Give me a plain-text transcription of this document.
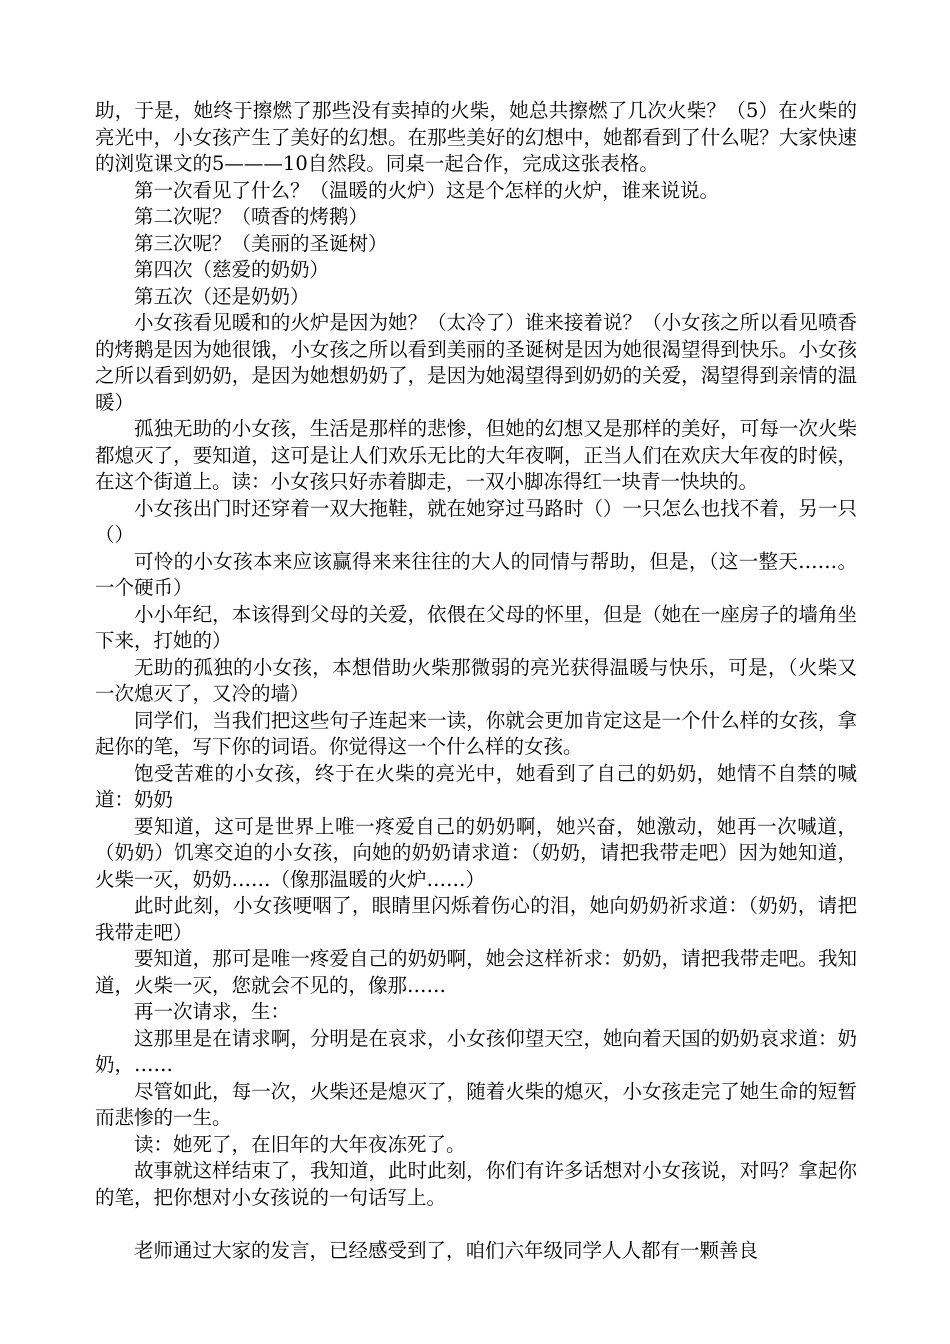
助，于是，她终于擦燃了那些没有卖掉的火柴，她总共擦燃了几次火柴？（5）在火柴的亮光中，小女孩产生了美好的幻想。在那些美好的幻想中，她都看到了什么呢？大家快速的浏览课文的5———10自然段。同桌一起合作，完成这张表格。

第一次看见了什么？（温暖的火炉）这是个怎样的火炉，谁来说说。

第二次呢？（喷香的烤鹅）

第三次呢？（美丽的圣诞树）

第四次（慈爱的奶奶）

第五次（还是奶奶）

小女孩看见暖和的火炉是因为她？（太冷了）谁来接着说？（小女孩之所以看见喷香的烤鹅是因为她很饿，小女孩之所以看到美丽的圣诞树是因为她很渴望得到快乐。小女孩之所以看到奶奶，是因为她想奶奶了，是因为她渴望得到奶奶的关爱，渴望得到亲情的温暖）

孤独无助的小女孩，生活是那样的悲惨，但她的幻想又是那样的美好，可每一次火柴都熄灭了，要知道，这可是让人们欢乐无比的大年夜啊，正当人们在欢庆大年夜的时候，在这个街道上。读：小女孩只好赤着脚走，一双小脚冻得红一块青一快块的。

小女孩出门时还穿着一双大拖鞋，就在她穿过马路时（）一只怎么也找不着，另一只（）

可怜的小女孩本来应该赢得来来往往的大人的同情与帮助，但是，（这一整天……。一个硬币）

小小年纪，本该得到父母的关爱，依偎在父母的怀里，但是（她在一座房子的墙角坐下来，打她的）

无助的孤独的小女孩，本想借助火柴那微弱的亮光获得温暖与快乐，可是，（火柴又一次熄灭了，又冷的墙）

同学们，当我们把这些句子连起来一读，你就会更加肯定这是一个什么样的女孩，拿起你的笔，写下你的词语。你觉得这一个什么样的女孩。

饱受苦难的小女孩，终于在火柴的亮光中，她看到了自己的奶奶，她情不自禁的喊道：奶奶

要知道，这可是世界上唯一疼爱自己的奶奶啊，她兴奋，她激动，她再一次喊道，（奶奶）饥寒交迫的小女孩，向她的奶奶请求道：（奶奶，请把我带走吧）因为她知道，火柴一灭，奶奶……（像那温暖的火炉……）

此时此刻，小女孩哽咽了，眼睛里闪烁着伤心的泪，她向奶奶祈求道：（奶奶，请把我带走吧）

要知道，那可是唯一疼爱自己的奶奶啊，她会这样祈求：奶奶，请把我带走吧。我知道，火柴一灭，您就会不见的，像那……

再一次请求，生：

这那里是在请求啊，分明是在哀求，小女孩仰望天空，她向着天国的奶奶哀求道：奶奶，……

尽管如此，每一次，火柴还是熄灭了，随着火柴的熄灭，小女孩走完了她生命的短暂而悲惨的一生。

读：她死了，在旧年的大年夜冻死了。

故事就这样结束了，我知道，此时此刻，你们有许多话想对小女孩说，对吗？拿起你的笔，把你想对小女孩说的一句话写上。

老师通过大家的发言，已经感受到了，咱们六年级同学人人都有一颗善良
